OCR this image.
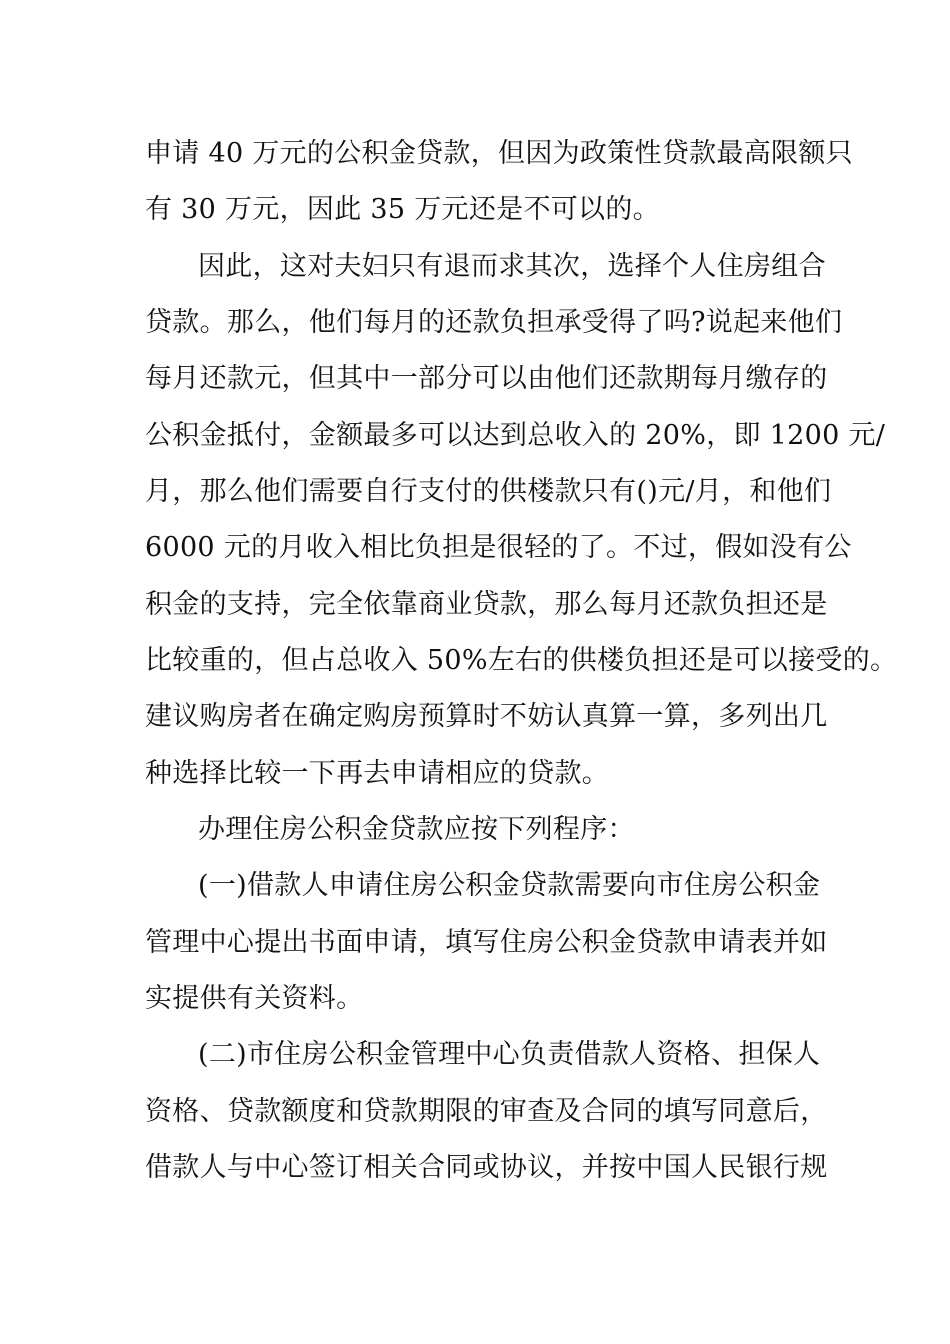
申请 40 万元的公积金贷款，但因为政策性贷款最高限额只
有 30 万元，因此 35 万元还是不可以的。
因此，这对夫妇只有退而求其次，选择个人住房组合
贷款。那么，他们每月的还款负担承受得了吗?说起来他们
每月还款元，但其中一部分可以由他们还款期每月缴存的
公积金抵付，金额最多可以达到总收入的 20%，即 1200 元/
月，那么他们需要自行支付的供楼款只有()元/月，和他们
6000 元的月收入相比负担是很轻的了。不过，假如没有公
积金的支持，完全依靠商业贷款，那么每月还款负担还是
比较重的，但占总收入 50%左右的供楼负担还是可以接受的。
建议购房者在确定购房预算时不妨认真算一算，多列出几
种选择比较一下再去申请相应的贷款。
办理住房公积金贷款应按下列程序：
(一)借款人申请住房公积金贷款需要向市住房公积金
管理中心提出书面申请，填写住房公积金贷款申请表并如
实提供有关资料。
(二)市住房公积金管理中心负责借款人资格、担保人
资格、贷款额度和贷款期限的审查及合同的填写同意后，
借款人与中心签订相关合同或协议，并按中国人民银行规
